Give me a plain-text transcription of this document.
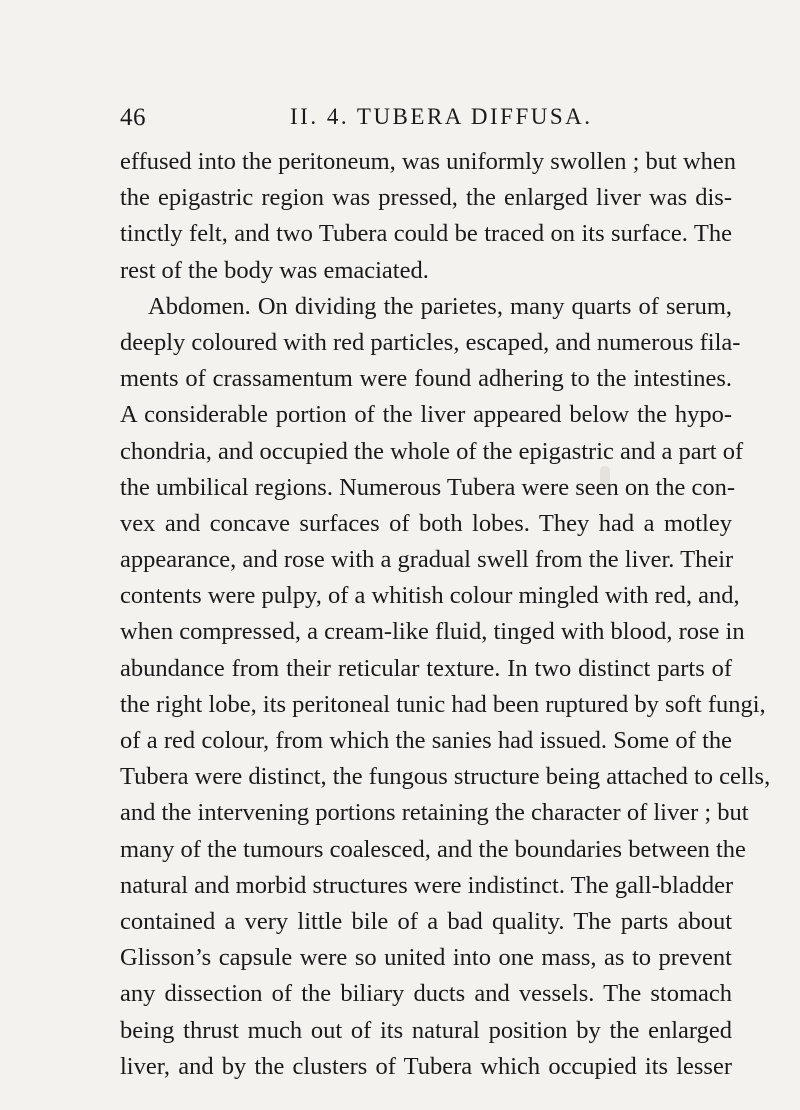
46	II. 4. TUBERA DIFFUSA.
effused into the peritoneum, was uniformly swollen ; but when
the epigastric region was pressed, the enlarged liver was dis-
tinctly felt, and two Tubera could be traced on its surface. The
rest of the body was emaciated.
Abdomen. On dividing the parietes, many quarts of serum,
deeply coloured with red particles, escaped, and numerous fila-
ments of crassamentum were found adhering to the intestines.
A considerable portion of the liver appeared below the hypo-
chondria, and occupied the whole of the epigastric and a part of
the umbilical regions. Numerous Tubera were seen on the con-
vex and concave surfaces of both lobes. They had a motley
appearance, and rose with a gradual swell from the liver. Their
contents were pulpy, of a whitish colour mingled with red, and,
when compressed, a cream-like fluid, tinged with blood, rose in
abundance from their reticular texture. In two distinct parts of
the right lobe, its peritoneal tunic had been ruptured by soft fungi,
of a red colour, from which the sanies had issued. Some of the
Tubera were distinct, the fungous structure being attached to cells,
and the intervening portions retaining the character of liver ; but
many of the tumours coalesced, and the boundaries between the
natural and morbid structures were indistinct. The gall-bladder
contained a very little bile of a bad quality. The parts about
Glisson’s capsule were so united into one mass, as to prevent
any dissection of the biliary ducts and vessels. The stomach
being thrust much out of its natural position by the enlarged
liver, and by the clusters of Tubera which occupied its lesser
